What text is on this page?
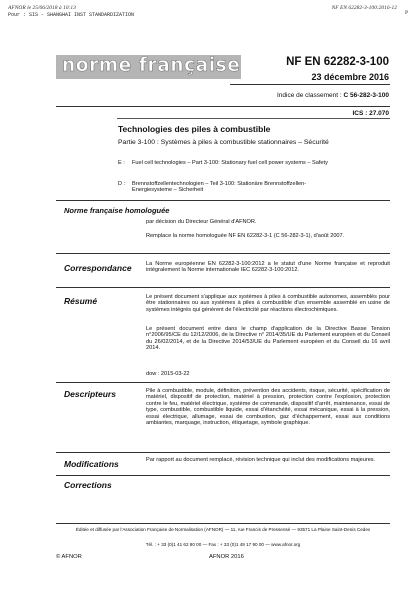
AFNOR le 25/06/2018 à 10:13	NF EN 62282-3-100:2016-12
P
Pour : SIS - SHANGHAI INST STANDARDIZATION
norme française	NF EN 62282-3-100
23 décembre 2016
Indice de classement : C 56-282-3-100
ICS : 27.070
Technologies des piles à combustible
Partie 3-100 : Systèmes à piles à combustible stationnaires – Sécurité
E : Fuel cell technologies – Part 3-100: Stationary fuel cell power systems – Safety
D : Brennstoffzellentechnologien – Teil 3-100: Stationäre Brennstoffzellen-Energiesysteme – Sicherheit
Norme française homologuée
par décision du Directeur Général d'AFNOR.
Remplace la norme homologuée NF EN 62282-3-1 (C 56-282-3-1), d'août 2007.
Correspondance	La Norme européenne EN 62282-3-100:2012 a le statut d'une Norme française et reproduit intégralement la Norme internationale IEC 62282-3-100:2012.
Résumé	Le présent document s'applique aux systèmes à piles à combustible autonomes, assemblés pour être stationnaires ou aux systèmes à piles à combustible d'un ensemble assemblé en usine de systèmes intégrés qui génèrent de l'électricité par réactions électrochimiques.
Le présent document entre dans le champ d'application de la Directive Basse Tension n°2006/95/CE du 12/12/2006, de la Directive n° 2014/35/UE du Parlement européen et du Conseil du 26/02/2014, et de la Directive 2014/53/UE du Parlement européen et du Conseil du 16 avril 2014.
dow : 2015-03-22
Descripteurs	Pile à combustible, module, définition, prévention des accidents, risque, sécurité, spécification de matériel, dispositif de protection, matériel à pression, protection contre l'explosion, protection contre le feu, matériel électrique, système de commande, dispositif d'arrêt, maintenance, essai de type, combustible, combustible liquide, essai d'étanchéité, essai mécanique, essai à la pression, essai électrique, allumage, essai de combustion, gaz d'échappement, essai aux conditions ambiantes, marquage, instruction, étiquetage, symbole graphique.
Modifications	Par rapport au document remplacé, révision technique qui inclut des modifications majeures.
Corrections
Éditée et diffusée par l'Association Française de Normalisation (AFNOR) — 11, rue Francis de Pressensé — 93571 La Plaine Saint-Denis Cedex
Tél. : + 33 (0)1 41 62 80 00 — Fax : + 33 (0)1 49 17 90 00 — www.afnor.org
© AFNOR	AFNOR 2016
